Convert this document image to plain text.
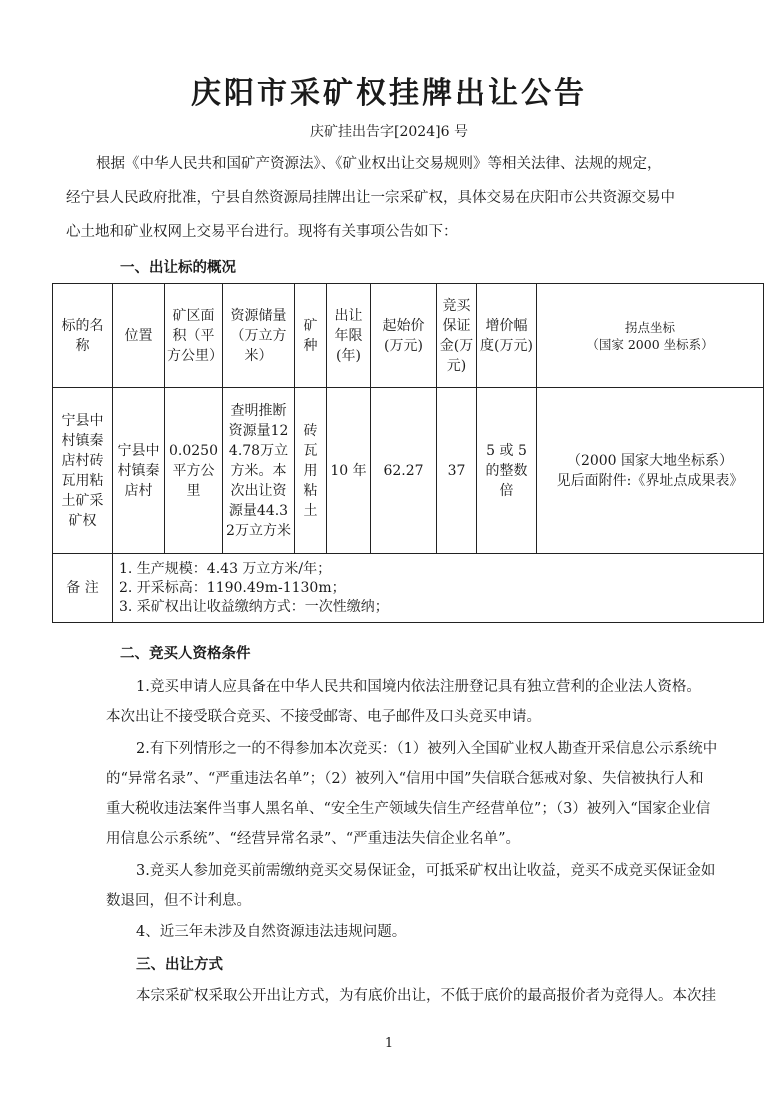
庆阳市采矿权挂牌出让公告
庆矿挂出告字[2024]6 号
根据《中华人民共和国矿产资源法》、《矿业权出让交易规则》等相关法律、法规的规定，
经宁县人民政府批准，宁县自然资源局挂牌出让一宗采矿权，具体交易在庆阳市公共资源交易中
心土地和矿业权网上交易平台进行。现将有关事项公告如下：
一、出让标的概况
标的名称	位置	矿区面积（平方公里）	资源储量（万立方米）	矿种	出让年限(年)	起始价(万元)	竞买保证金(万元)	增价幅度(万元)	拐点坐标
（国家 2000 坐标系）

宁县中村镇秦店村砖瓦用粘土矿采矿权	宁县中村镇秦店村	0.0250平方公里	查明推断资源量124.78万立方米。本次出让资源量44.32万立方米	砖瓦用粘土	10 年	62.27	37	5 或 5 的整数倍	（2000 国家大地坐标系）
见后面附件:《界址点成果表》

备 注	1. 生产规模：4.43 万立方米/年；
2. 开采标高：1190.49m-1130m；
3. 采矿权出让收益缴纳方式：一次性缴纳；								
二、竞买人资格条件
1.竞买申请人应具备在中华人民共和国境内依法注册登记具有独立营利的企业法人资格。
本次出让不接受联合竞买、不接受邮寄、电子邮件及口头竞买申请。
2.有下列情形之一的不得参加本次竞买：（1）被列入全国矿业权人勘查开采信息公示系统中
的“异常名录”、“严重违法名单”；（2）被列入“信用中国”失信联合惩戒对象、失信被执行人和
重大税收违法案件当事人黑名单、“安全生产领域失信生产经营单位”；（3）被列入“国家企业信
用信息公示系统”、“经营异常名录”、“严重违法失信企业名单”。
3.竞买人参加竞买前需缴纳竞买交易保证金，可抵采矿权出让收益，竞买不成竞买保证金如
数退回，但不计利息。
4、近三年未涉及自然资源违法违规问题。
三、出让方式
本宗采矿权采取公开出让方式，为有底价出让，不低于底价的最高报价者为竞得人。本次挂
1
